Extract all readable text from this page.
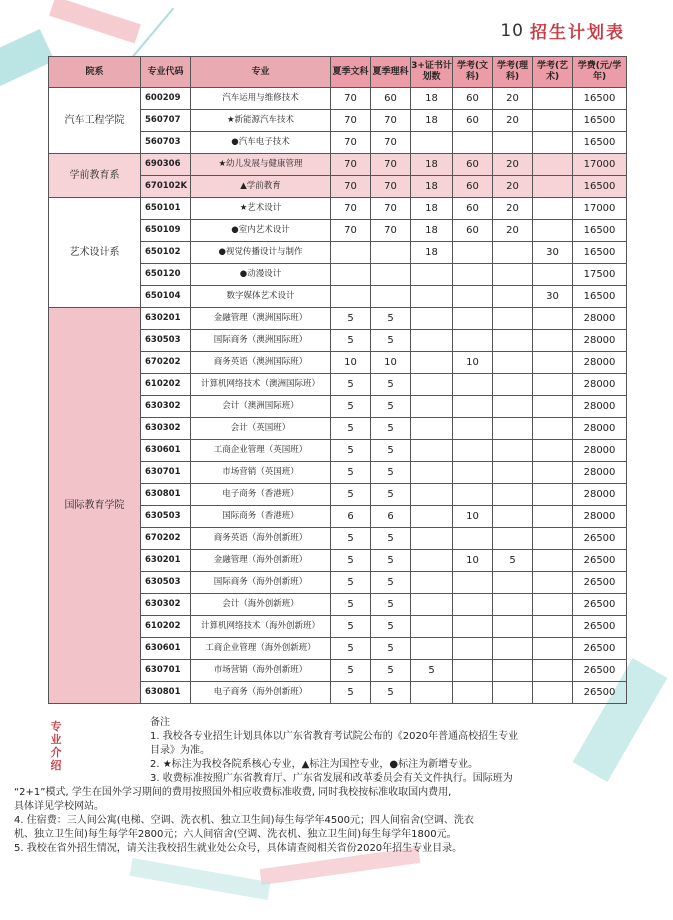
10 招生计划表
院系	专业代码	专业	夏季文科	夏季理科	3+证书计划数	学考(文科)	学考(理科)	学考(艺术)	学费(元/学年)
汽车工程学院	600209	汽车运用与维修技术	70	60	18	60	20		16500
	560707	★新能源汽车技术	70	70	18	60	20		16500
	560703	●汽车电子技术	70	70					16500
学前教育系	690306	★幼儿发展与健康管理	70	70	18	60	20		17000
	670102K	▲学前教育	70	70	18	60	20		16500
艺术设计系	650101	★艺术设计	70	70	18	60	20		17000
	650109	●室内艺术设计	70	70	18	60	20		16500
	650102	●视觉传播设计与制作			18			30	16500
	650120	●动漫设计							17500
	650104	数字媒体艺术设计						30	16500
国际教育学院	630201	金融管理（澳洲国际班）	5	5					28000
	630503	国际商务（澳洲国际班）	5	5					28000
	670202	商务英语（澳洲国际班）	10	10		10			28000
	610202	计算机网络技术（澳洲国际班）	5	5					28000
	630302	会计（澳洲国际班）	5	5					28000
	630302	会计（英国班）	5	5					28000
	630601	工商企业管理（英国班）	5	5					28000
	630701	市场营销（英国班）	5	5					28000
	630801	电子商务（香港班）	5	5					28000
	630503	国际商务（香港班）	6	6		10			28000
	670202	商务英语（海外创新班）	5	5					26500
	630201	金融管理（海外创新班）	5	5		10	5		26500
	630503	国际商务（海外创新班）	5	5					26500
	630302	会计（海外创新班）	5	5					26500
	610202	计算机网络技术（海外创新班）	5	5					26500
	630601	工商企业管理（海外创新班）	5	5					26500
	630701	市场营销（海外创新班）	5	5	5				26500
	630801	电子商务（海外创新班）	5	5					26500
专业介绍

备注

1. 我校各专业招生计划具体以广东省教育考试院公布的《2020年普通高校招生专业

目录》为准。

2. ★标注为我校各院系核心专业，▲标注为国控专业，●标注为新增专业。

3. 收费标准按照广东省教育厅、广东省发展和改革委员会有关文件执行。国际班为

“2+1”模式, 学生在国外学习期间的费用按照国外相应收费标准收费, 同时我校按标准收取国内费用,

具体详见学校网站。

4. 住宿费：三人间公寓(电梯、空调、洗衣机、独立卫生间)每生每学年4500元；四人间宿舍(空调、洗衣

机、独立卫生间)每生每学年2800元；六人间宿舍(空调、洗衣机、独立卫生间)每生每学年1800元。

5. 我校在省外招生情况，请关注我校招生就业处公众号，具体请查阅相关省份2020年招生专业目录。
